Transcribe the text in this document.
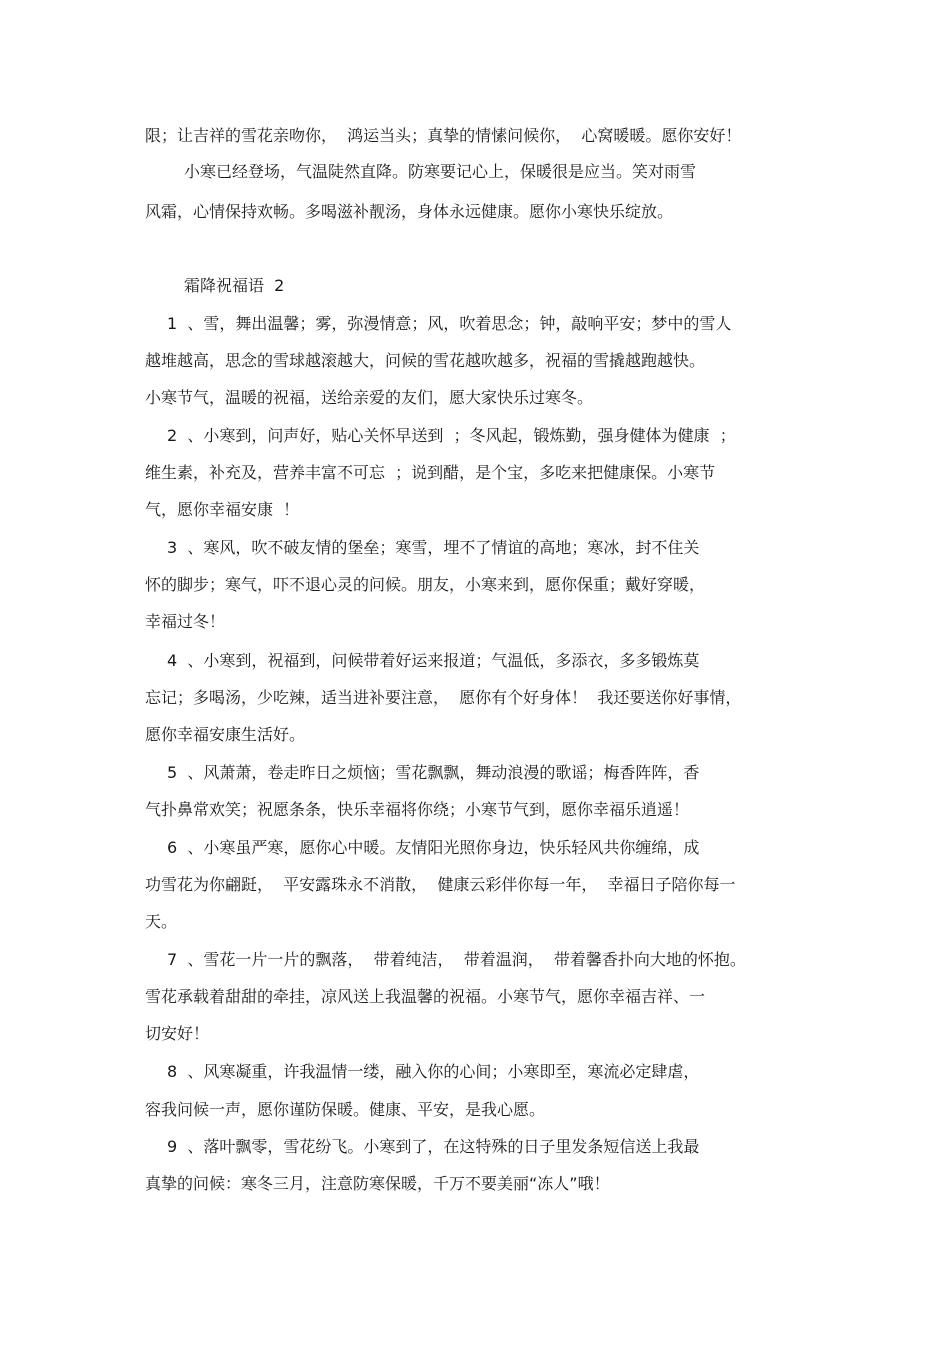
限；让吉祥的雪花亲吻你，  鸿运当头；真挚的情愫问候你，  心窝暖暖。愿你安好！

小寒已经登场，气温陡然直降。防寒要记心上，保暖很是应当。笑对雨雪

风霜，心情保持欢畅。多喝滋补靓汤，身体永远健康。愿你小寒快乐绽放。

霜降祝福语  2

1  、雪，舞出温馨；雾，弥漫情意；风，吹着思念；钟，敲响平安；梦中的雪人

越堆越高，思念的雪球越滚越大，问候的雪花越吹越多，祝福的雪撬越跑越快。

小寒节气，温暖的祝福，送给亲爱的友们，愿大家快乐过寒冬。

2  、小寒到，问声好，贴心关怀早送到  ；冬风起，锻炼勤，强身健体为健康  ；

维生素，补充及，营养丰富不可忘  ；说到醋，是个宝，多吃来把健康保。小寒节

气，愿你幸福安康  ！

3  、寒风，吹不破友情的堡垒；寒雪，埋不了情谊的高地；寒冰，封不住关

怀的脚步；寒气，吓不退心灵的问候。朋友，小寒来到，愿你保重；戴好穿暖，

幸福过冬！

4  、小寒到，祝福到，问候带着好运来报道；气温低，多添衣，多多锻炼莫

忘记；多喝汤，少吃辣，适当进补要注意，  愿你有个好身体！  我还要送你好事情，

愿你幸福安康生活好。

5  、风萧萧，卷走昨日之烦恼；雪花飘飘，舞动浪漫的歌谣；梅香阵阵，香

气扑鼻常欢笑；祝愿条条，快乐幸福将你绕；小寒节气到，愿你幸福乐逍遥！

6  、小寒虽严寒，愿你心中暖。友情阳光照你身边，快乐轻风共你缠绵，成

功雪花为你翩跹，  平安露珠永不消散，  健康云彩伴你每一年，  幸福日子陪你每一

天。

7  、雪花一片一片的飘落，  带着纯洁，  带着温润，  带着馨香扑向大地的怀抱。

雪花承载着甜甜的牵挂，凉风送上我温馨的祝福。小寒节气，愿你幸福吉祥、一

切安好！

8  、风寒凝重，许我温情一缕，融入你的心间；小寒即至，寒流必定肆虐，

容我问候一声，愿你谨防保暖。健康、平安，是我心愿。

9  、落叶飘零，雪花纷飞。小寒到了，在这特殊的日子里发条短信送上我最

真挚的问候：寒冬三月，注意防寒保暖，千万不要美丽“冻人”哦！
